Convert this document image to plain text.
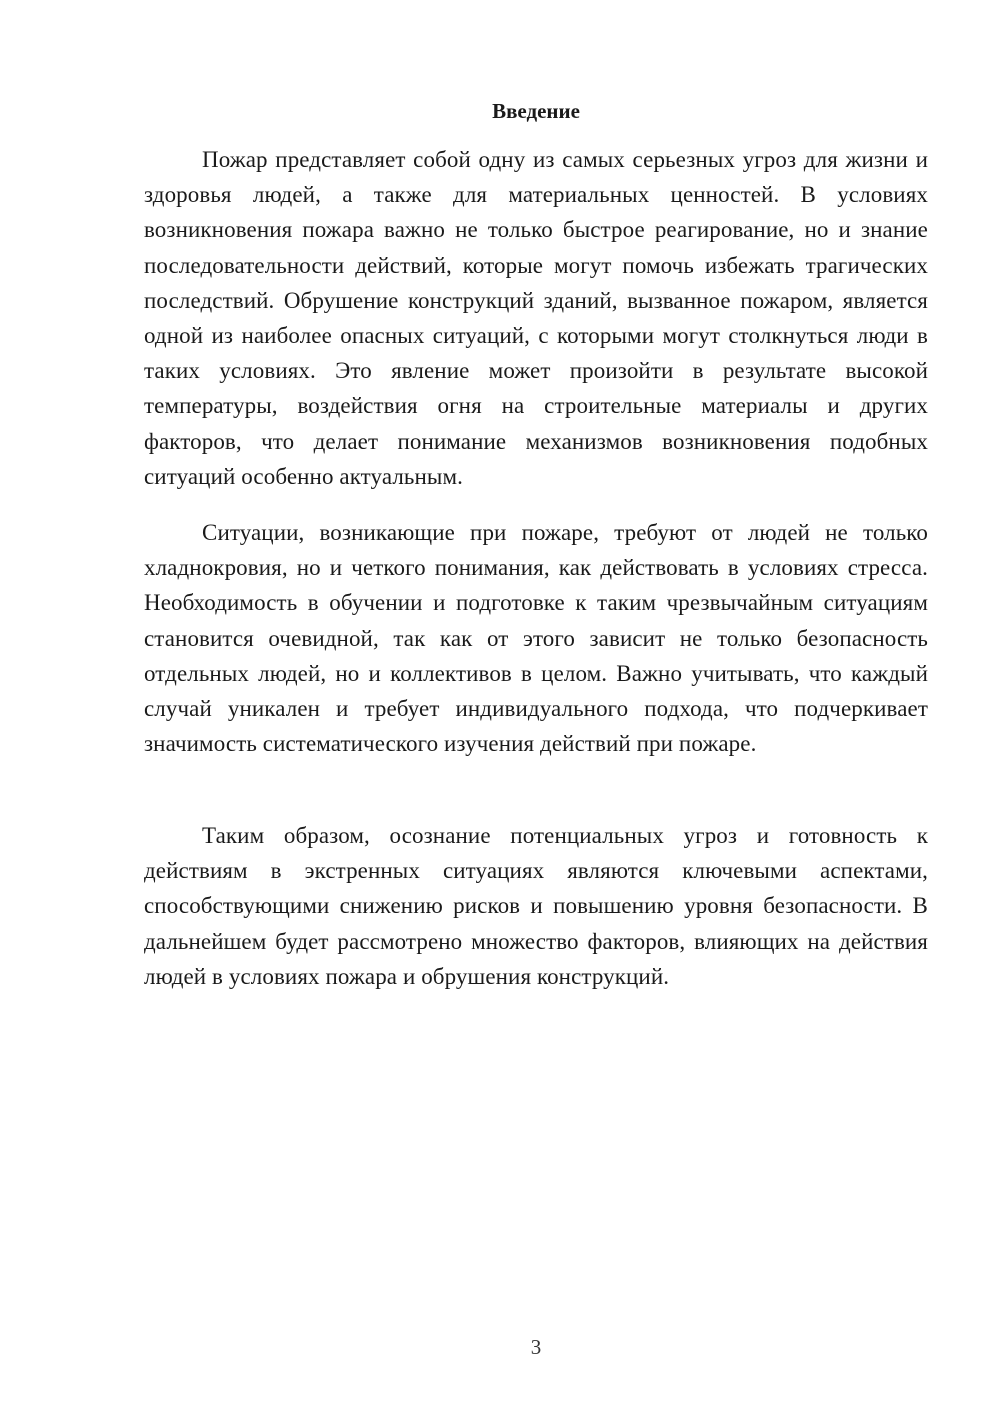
Введение

Пожар представляет собой одну из самых серьезных угроз для жизни и здоровья людей, а также для материальных ценностей. В условиях возникновения пожара важно не только быстрое реагирование, но и знание последовательности действий, которые могут помочь избежать трагических последствий. Обрушение конструкций зданий, вызванное пожаром, является одной из наиболее опасных ситуаций, с которыми могут столкнуться люди в таких условиях. Это явление может произойти в результате высокой температуры, воздействия огня на строительные материалы и других факторов, что делает понимание механизмов возникновения подобных ситуаций особенно актуальным.

Ситуации, возникающие при пожаре, требуют от людей не только хладнокровия, но и четкого понимания, как действовать в условиях стресса. Необходимость в обучении и подготовке к таким чрезвычайным ситуациям становится очевидной, так как от этого зависит не только безопасность отдельных людей, но и коллективов в целом. Важно учитывать, что каждый случай уникален и требует индивидуального подхода, что подчеркивает значимость систематического изучения действий при пожаре.

Таким образом, осознание потенциальных угроз и готовность к действиям в экстренных ситуациях являются ключевыми аспектами, способствующими снижению рисков и повышению уровня безопасности. В дальнейшем будет рассмотрено множество факторов, влияющих на действия людей в условиях пожара и обрушения конструкций.

3
